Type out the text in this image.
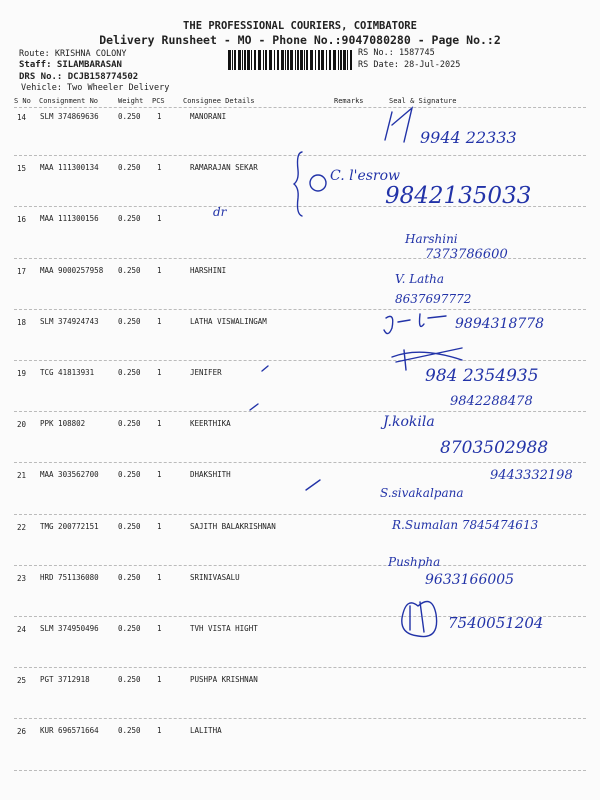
THE PROFESSIONAL COURIERS, COIMBATORE
Delivery Runsheet - MO - Phone No.:9047080280 - Page No.:2
Route: KRISHNA COLONY
Staff: SILAMBARASAN
DRS No.: DCJB158774502
Vehicle: Two Wheeler Delivery
RS No.: 1587745
RS Date: 28-Jul-2025
S No Consignment No	Weight PCS	Consignee Details	Remarks	Seal & Signature
14 SLM 374869636	0.250 1	MANORANI
15 MAA 111300134	0.250 1	RAMARAJAN SEKAR
16 MAA 111300156	0.250 1
17 MAA 9000257958 0.250 1	HARSHINI
18 SLM 374924743	0.250 1	LATHA VISWALINGAM
19 TCG 41813931	0.250 1	JENIFER
20 PPK 108802	0.250 1	KEERTHIKA
21 MAA 303562700	0.250 1	DHAKSHITH
22 TMG 200772151	0.250 1	SAJITH BALAKRISHNAN
23 HRD 751136080	0.250 1	SRINIVASALU
24 SLM 374950496	0.250 1	TVH VISTA HIGHT
25 PGT 3712918	0.250 1	PUSHPA KRISHNAN
26 KUR 696571664	0.250 1	LALITHA
9944 22333
C. l'esrow
9842135033
dr
Harshini
7373786600
V. Latha
8637697772
9894318778
984 2354935
9842288478
J.kokila
8703502988
9443332198
S.sivakalpana
R.Sumalan 7845474613
Pushpha
9633166005
7540051204
